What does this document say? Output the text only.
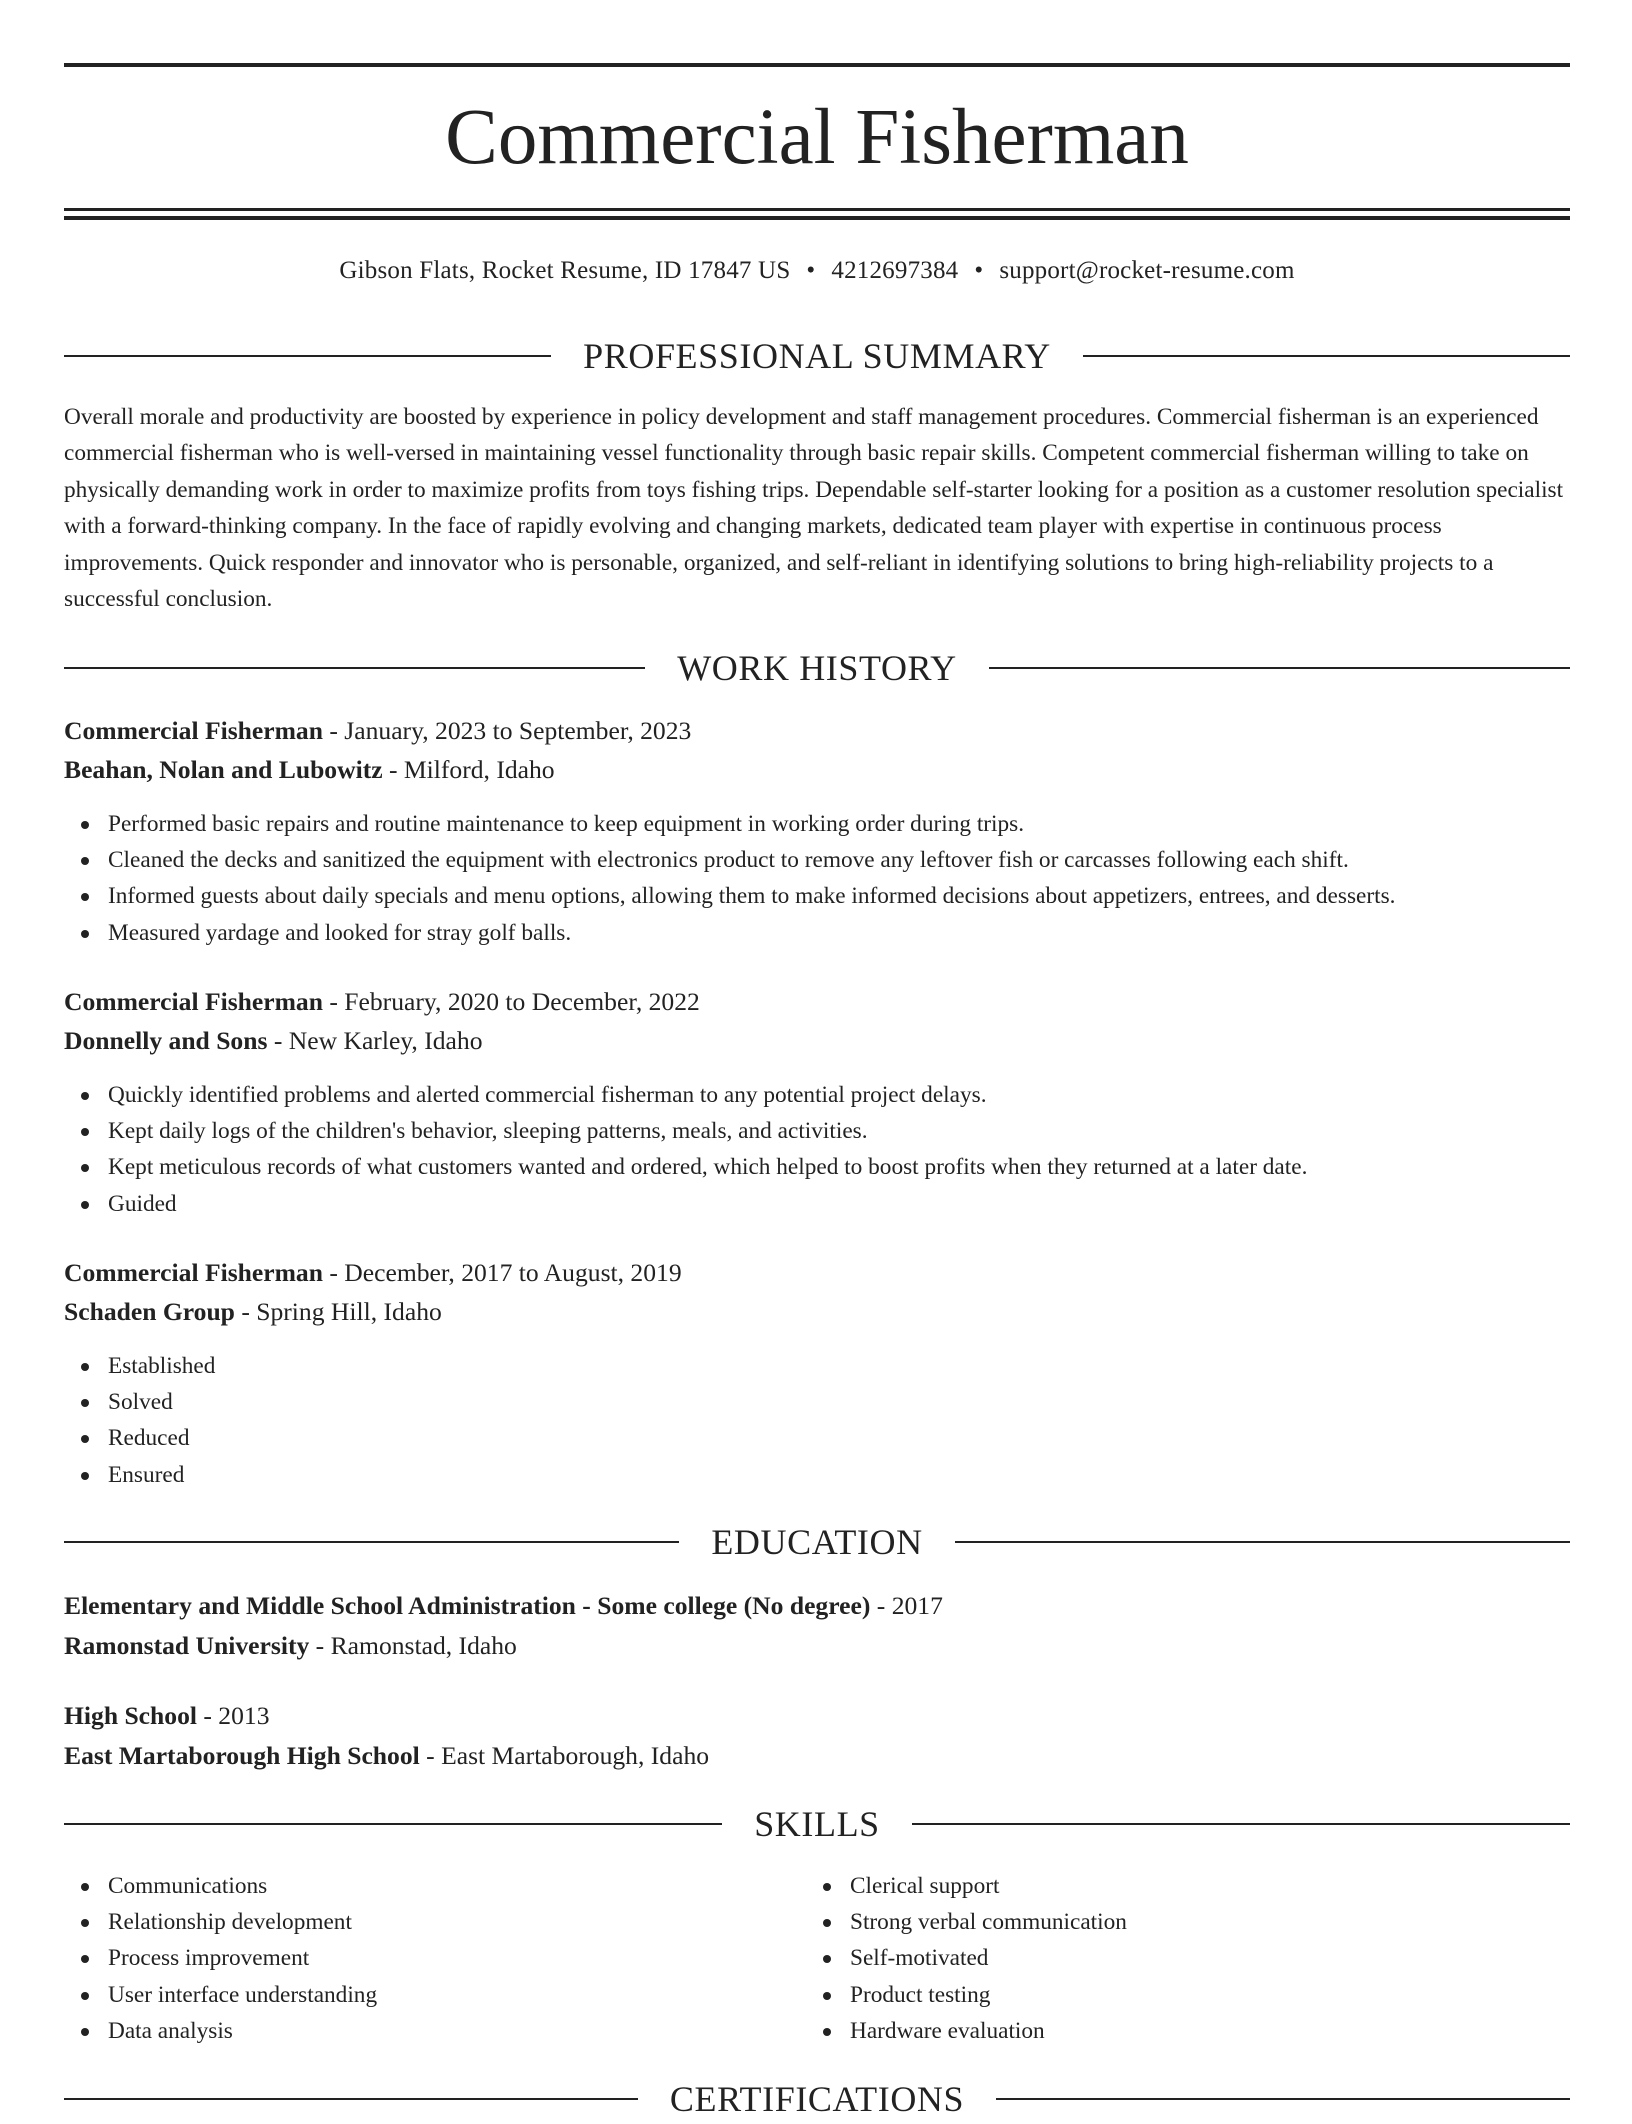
Commercial Fisherman
Gibson Flats, Rocket Resume, ID 17847 US • 4212697384 • support@rocket-resume.com
PROFESSIONAL SUMMARY

Overall morale and productivity are boosted by experience in policy development and staff management procedures. Commercial fisherman is an experienced commercial fisherman who is well-versed in maintaining vessel functionality through basic repair skills. Competent commercial fisherman willing to take on physically demanding work in order to maximize profits from toys fishing trips. Dependable self-starter looking for a position as a customer resolution specialist with a forward-thinking company. In the face of rapidly evolving and changing markets, dedicated team player with expertise in continuous process improvements. Quick responder and innovator who is personable, organized, and self-reliant in identifying solutions to bring high-reliability projects to a successful conclusion.

WORK HISTORY
Commercial Fisherman - January, 2023 to September, 2023
Beahan, Nolan and Lubowitz - Milford, Idaho
Performed basic repairs and routine maintenance to keep equipment in working order during trips.
Cleaned the decks and sanitized the equipment with electronics product to remove any leftover fish or carcasses following each shift.
Informed guests about daily specials and menu options, allowing them to make informed decisions about appetizers, entrees, and desserts.
Measured yardage and looked for stray golf balls.
Commercial Fisherman - February, 2020 to December, 2022
Donnelly and Sons - New Karley, Idaho
Quickly identified problems and alerted commercial fisherman to any potential project delays.
Kept daily logs of the children's behavior, sleeping patterns, meals, and activities.
Kept meticulous records of what customers wanted and ordered, which helped to boost profits when they returned at a later date.
Guided
Commercial Fisherman - December, 2017 to August, 2019
Schaden Group - Spring Hill, Idaho
Established
Solved
Reduced
Ensured
EDUCATION
Elementary and Middle School Administration - Some college (No degree) - 2017
Ramonstad University - Ramonstad, Idaho
High School - 2013
East Martaborough High School - East Martaborough, Idaho
SKILLS
Communications
Relationship development
Process improvement
User interface understanding
Data analysis
Clerical support
Strong verbal communication
Self-motivated
Product testing
Hardware evaluation
CERTIFICATIONS
